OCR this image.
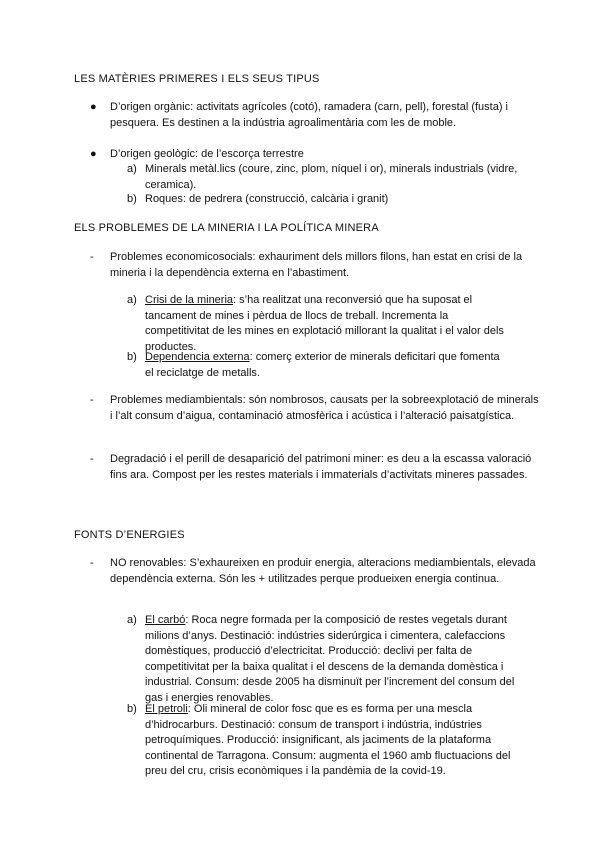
LES MATÈRIES PRIMERES I ELS SEUS TIPUS
● D’origen orgànic: activitats agrícoles (cotó), ramadera (carn, pell), forestal (fusta) i pesquera. Es destinen a la indústria agroalimentària com les de moble.
● D’origen geològic: de l’escorça terrestre
a) Minerals metàl.lics (coure, zinc, plom, níquel i or), minerals industrials (vidre, ceramica).
b) Roques: de pedrera (construcció, calcària i granit)
ELS PROBLEMES DE LA MINERIA I LA POLÍTICA MINERA
- Problemes economicosocials: exhauriment dels millors filons, han estat en crisi de la mineria i la dependència externa en l’abastiment.
a) Crisi de la mineria: s’ha realitzat una reconversió que ha suposat el tancament de mines i pèrdua de llocs de treball. Incrementa la competitivitat de les mines en explotació millorant la qualitat i el valor dels productes.
b) Dependencia externa: comerç exterior de minerals deficitari que fomenta el reciclatge de metalls.
- Problemes mediambientals: són nombrosos, causats per la sobreexplotació de minerals i l’alt consum d’aigua, contaminació atmosfèrica i acústica i l’alteració paisatgística.
- Degradació i el perill de desaparició del patrimoni miner: es deu a la escassa valoració fins ara. Compost per les restes materials i immaterials d’activitats mineres passades.
FONTS D’ENERGIES
- NO renovables: S’exhaureixen en produir energia, alteracions mediambientals, elevada dependència externa. Són les + utilitzades perque produeixen energia continua.
a) El carbó: Roca negre formada per la composició de restes vegetals durant milions d’anys. Destinació: indústries siderúrgica i cimentera, calefaccions domèstiques, producció d’electricitat. Producció: declivi per falta de competitivitat per la baixa qualitat i el descens de la demanda domèstica i industrial. Consum: desde 2005 ha disminuït per l’increment del consum del gas i energies renovables.
b) El petroli: Oli mineral de color fosc que es es forma per una mescla d’hidrocarburs. Destinació: consum de transport i indústria, indústries petroquímiques. Producció: insignificant, als jaciments de la plataforma continental de Tarragona. Consum: augmenta el 1960 amb fluctuacions del preu del cru, crisis econòmiques i la pandèmia de la covid-19.
